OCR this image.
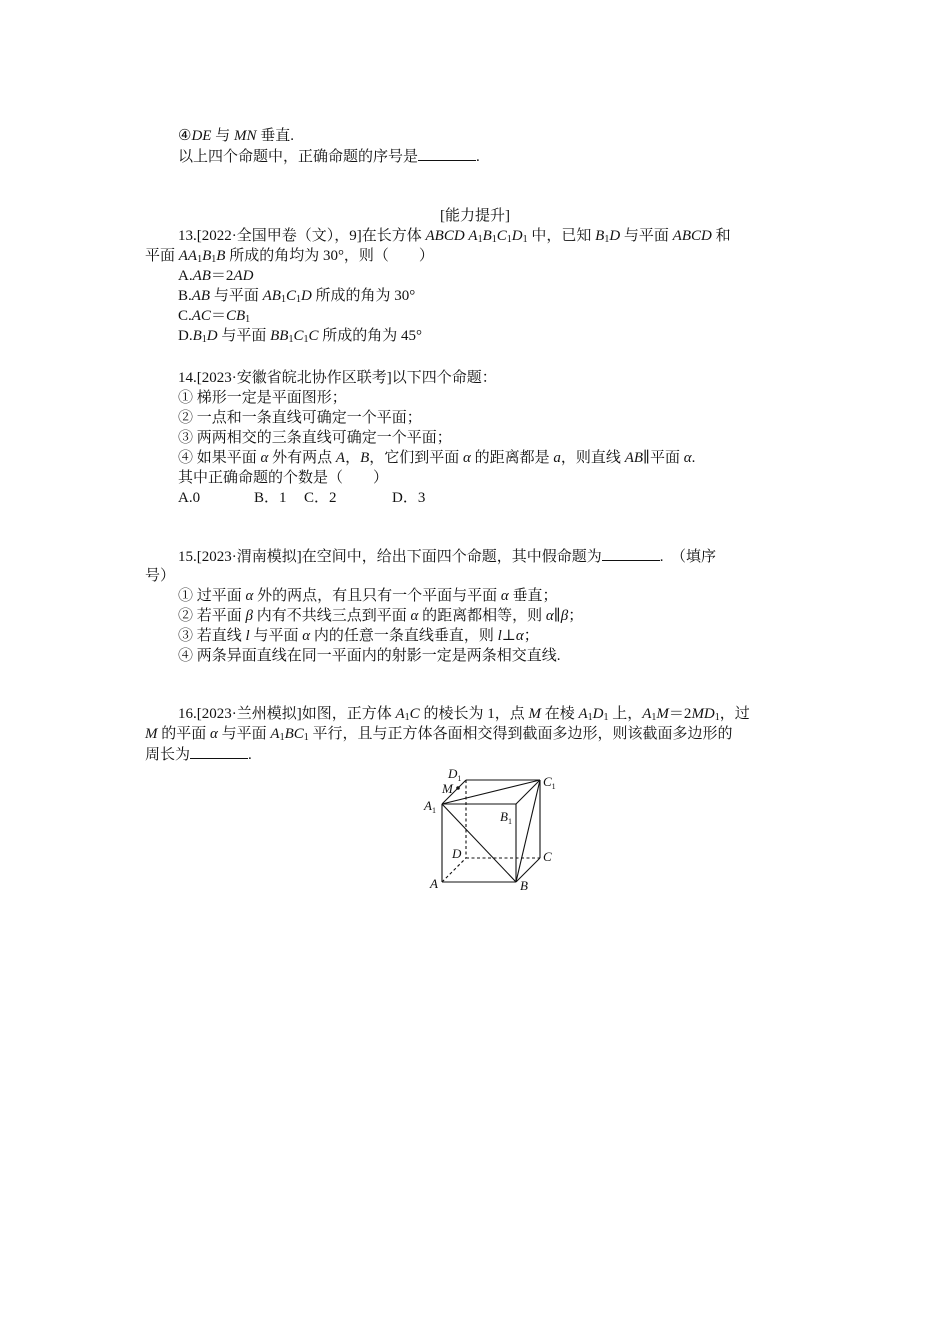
④DE 与 MN 垂直.
以上四个命题中，正确命题的序号是	.
[能力提升]
13.[2022·全国甲卷（文），9]在长方体 ABCD $A_1B_1C_1D_1$ 中，已知 $B_1D$ 与平面 ABCD 和
平面 $AA_1B_1B$ 所成的角均为 30°，则（　　）
A.AB＝2AD
B.AB 与平面 $AB_1C_1D$ 所成的角为 30°
$C.AC=CB_1$
$D.B_1D$ 与平面 $BB_1C_1C$ 所成的角为 45°
14.[2023·安徽省皖北协作区联考]以下四个命题：
① 梯形一定是平面图形；
② 一点和一条直线可确定一个平面；
③ 两两相交的三条直线可确定一个平面；
④ 如果平面 α 外有两点 A，B，它们到平面 α 的距离都是 a，则直线 AB∥平面 α.
其中正确命题的个数是（　　）
A.0	B．1 C．2	D．3
15.[2023·渭南模拟]在空间中，给出下面四个命题，其中假命题为	.　（填序
号）
① 过平面 α 外的两点，有且只有一个平面与平面 α 垂直；
② 若平面 β 内有不共线三点到平面 α 的距离都相等，则 α∥β；
③ 若直线 l 与平面 α 内的任意一条直线垂直，则 l⊥α；
④ 两条异面直线在同一平面内的射影一定是两条相交直线.
16.[2023·兰州模拟]如图，正方体 $A_1C$ 的棱长为 1，点 M 在棱 $A_1D_1$ 上，$A_1M=2MD_1$，过
M 的平面 α 与平面 $A_1BC_1$ 平行，且与正方体各面相交得到截面多边形，则该截面多边形的
周长为	.
$D_1$	$C_1$
M
$A_1$	$B_1$
D	C
A	B
